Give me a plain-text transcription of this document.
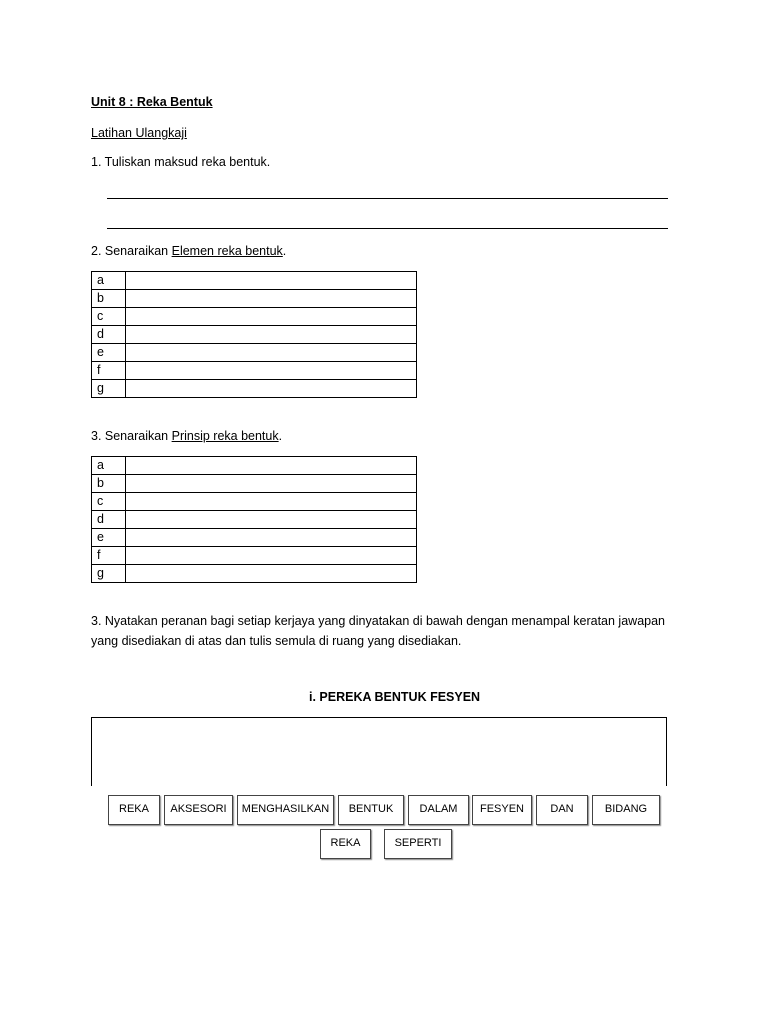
Unit 8 : Reka Bentuk
Latihan Ulangkaji
1. Tuliskan maksud reka bentuk.
2. Senaraikan Elemen reka bentuk.
a	
b	
c	
d	
e	
f	
g	
3. Senaraikan Prinsip reka bentuk.
a	
b	
c	
d	
e	
f	
g	
3. Nyatakan peranan bagi setiap kerjaya yang dinyatakan di bawah dengan menampal keratan jawapan
yang disediakan di atas dan tulis semula di ruang yang disediakan.
i. PEREKA BENTUK FESYEN
REKA	AKSESORI	MENGHASILKAN	BENTUK	DALAM	FESYEN	DAN	BIDANG
REKA	SEPERTI
